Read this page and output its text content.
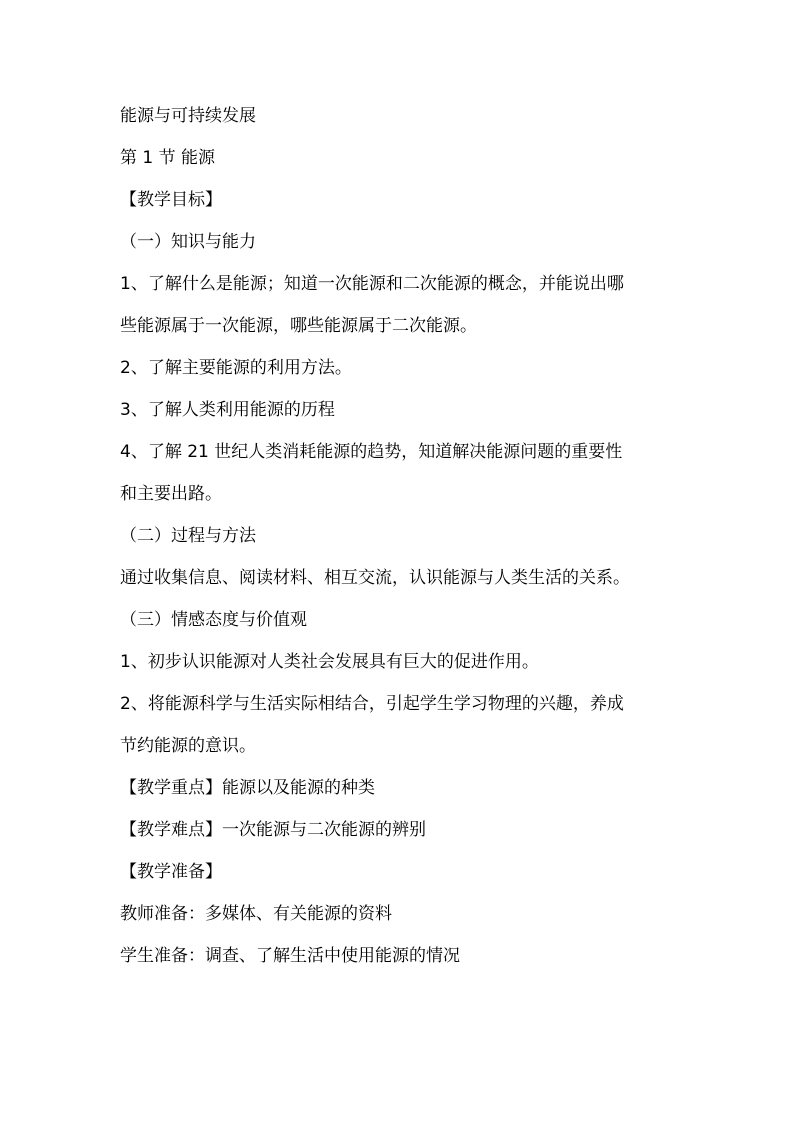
能源与可持续发展
第 1 节 能源
【教学目标】
（一）知识与能力
1、了解什么是能源；知道一次能源和二次能源的概念，并能说出哪
些能源属于一次能源，哪些能源属于二次能源。
2、了解主要能源的利用方法。
3、了解人类利用能源的历程
4、了解 21 世纪人类消耗能源的趋势，知道解决能源问题的重要性
和主要出路。
（二）过程与方法
通过收集信息、阅读材料、相互交流，认识能源与人类生活的关系。
（三）情感态度与价值观
1、初步认识能源对人类社会发展具有巨大的促进作用。
2、将能源科学与生活实际相结合，引起学生学习物理的兴趣，养成
节约能源的意识。
【教学重点】能源以及能源的种类
【教学难点】一次能源与二次能源的辨别
【教学准备】
教师准备：多媒体、有关能源的资料
学生准备：调查、了解生活中使用能源的情况
